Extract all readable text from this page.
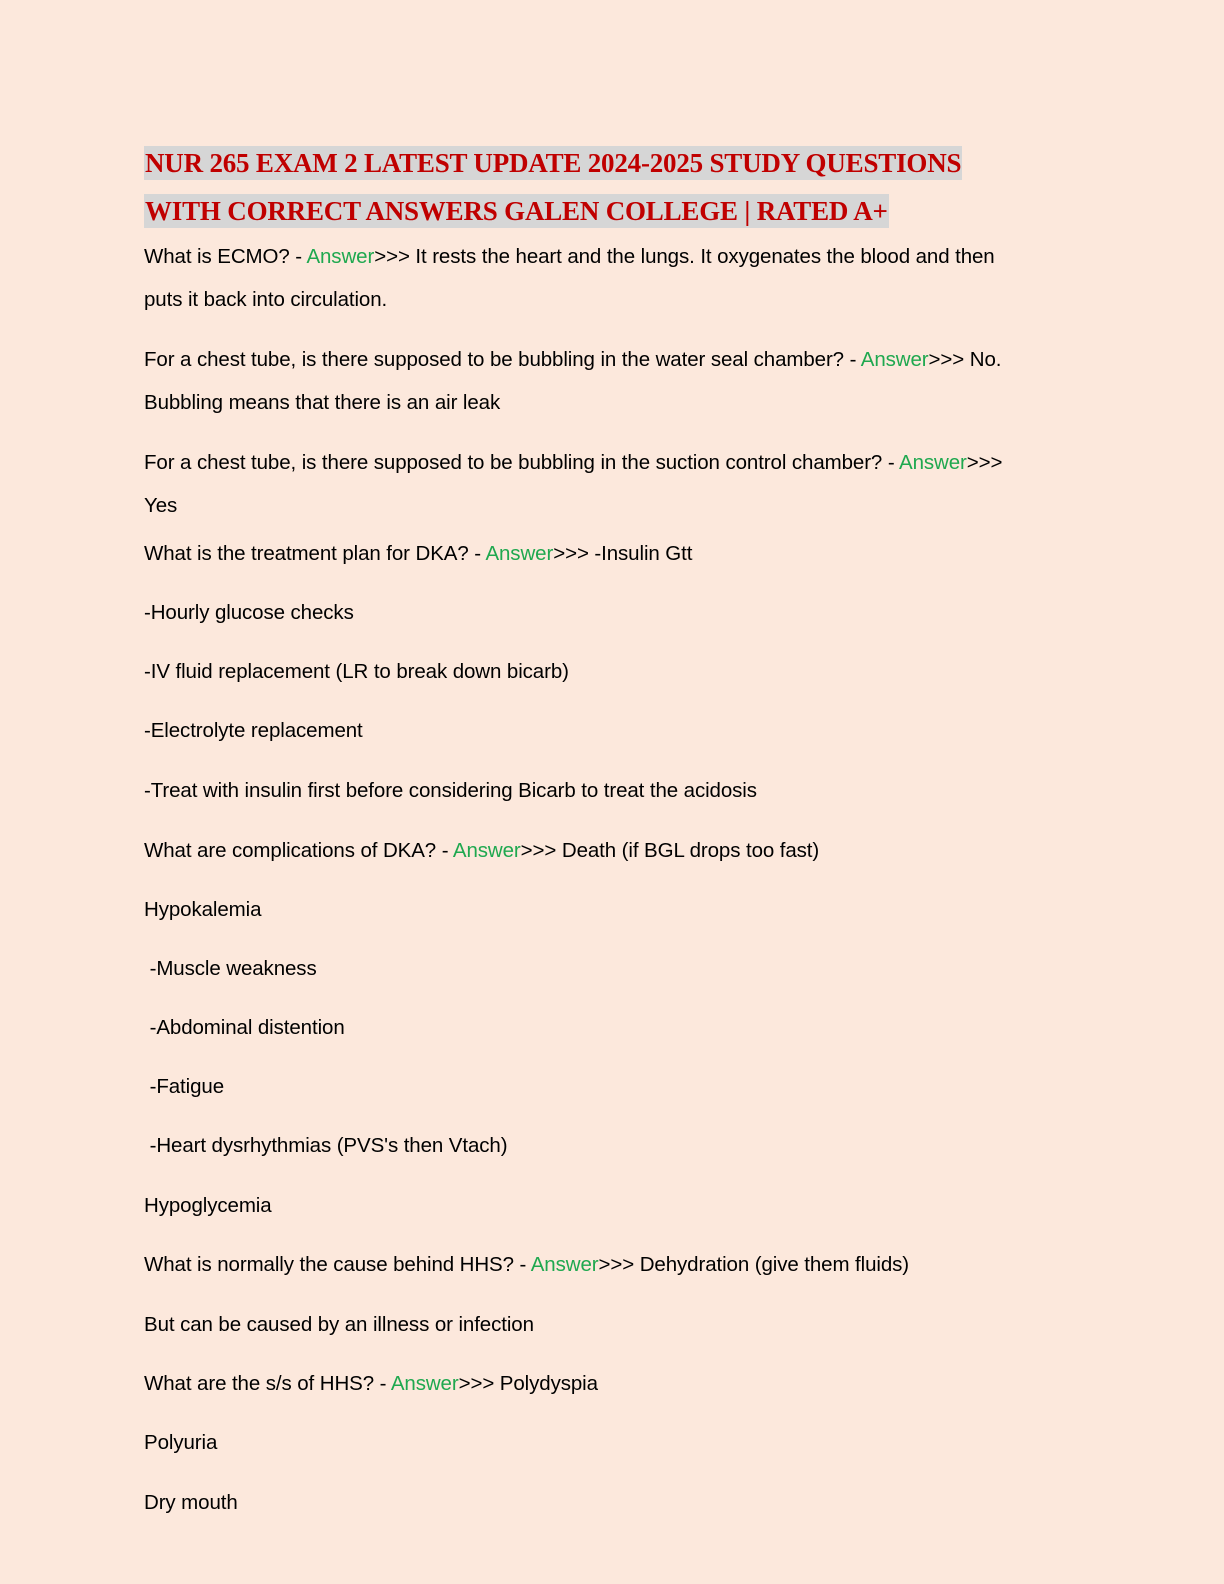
NUR 265 EXAM 2 LATEST UPDATE 2024-2025 STUDY QUESTIONS
WITH CORRECT ANSWERS GALEN COLLEGE | RATED A+
What is ECMO? - Answer>>> It rests the heart and the lungs. It oxygenates the blood and then
puts it back into circulation.
For a chest tube, is there supposed to be bubbling in the water seal chamber? - Answer>>> No.
Bubbling means that there is an air leak
For a chest tube, is there supposed to be bubbling in the suction control chamber? - Answer>>>
Yes
What is the treatment plan for DKA? - Answer>>> -Insulin Gtt
-Hourly glucose checks
-IV fluid replacement (LR to break down bicarb)
-Electrolyte replacement
-Treat with insulin first before considering Bicarb to treat the acidosis
What are complications of DKA? - Answer>>> Death (if BGL drops too fast)
Hypokalemia
-Muscle weakness
-Abdominal distention
-Fatigue
-Heart dysrhythmias (PVS's then Vtach)
Hypoglycemia
What is normally the cause behind HHS? - Answer>>> Dehydration (give them fluids)
But can be caused by an illness or infection
What are the s/s of HHS? - Answer>>> Polydyspia
Polyuria
Dry mouth
